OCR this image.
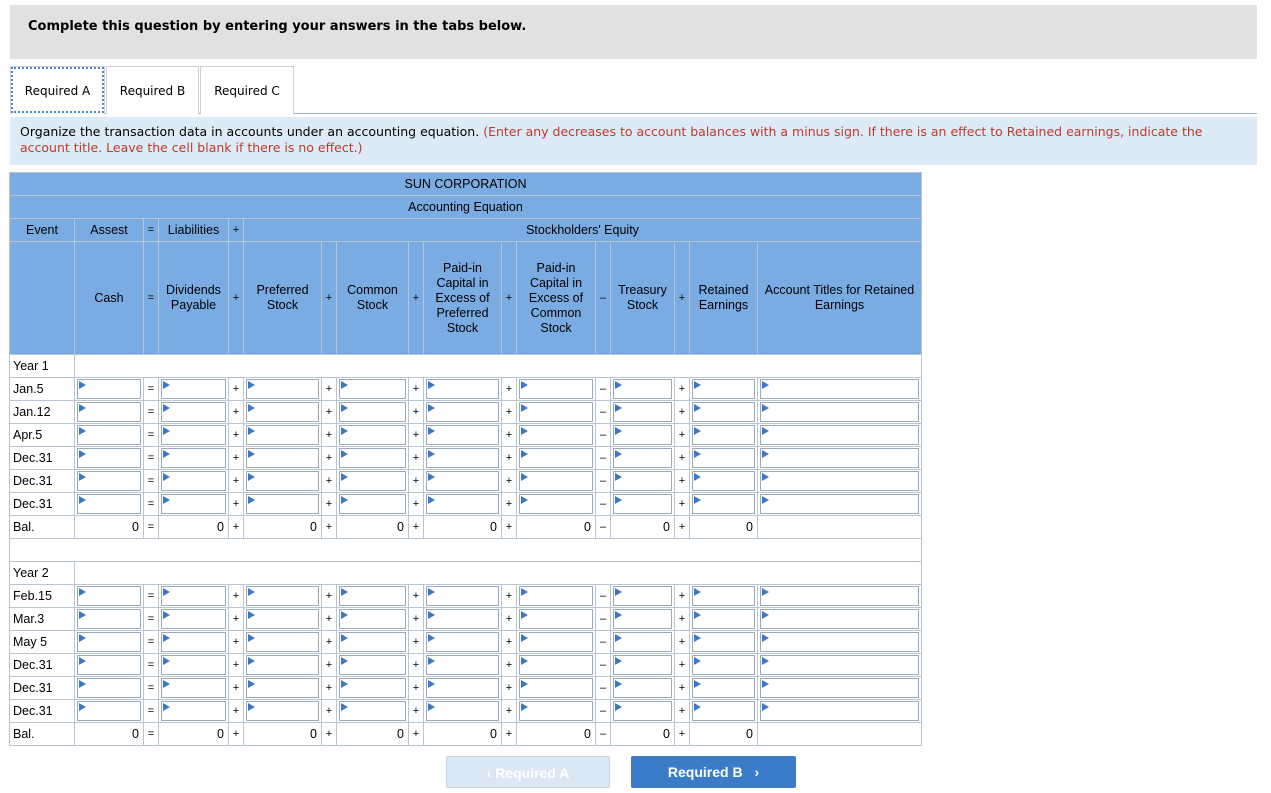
Complete this question by entering your answers in the tabs below.
Required A	Required B	Required C
Organize the transaction data in accounts under an accounting equation. (Enter any decreases to account balances with a minus sign. If there is an effect to Retained earnings, indicate the account title. Leave the cell blank if there is no effect.)
SUN CORPORATION																
Accounting Equation																
Event	Assest	=	Liabilities	+	Stockholders' Equity											
	Cash	=	Dividends Payable	+	Preferred Stock	+	Common Stock	+	Paid-in Capital in Excess of Preferred Stock	+	Paid-in Capital in Excess of Common Stock	–	Treasury Stock	+	Retained Earnings	Account Titles for Retained Earnings
Year 1																
Jan.5		=		+		+		+		+		–		+	

Jan.12		=		+		+		+		+		–		+	

Apr.5		=		+		+		+		+		–		+	

Dec.31		=		+		+		+		+		–		+	

Dec.31		=		+		+		+		+		–		+	

Dec.31		=		+		+		+		+		–		+	

Bal.	0	=	0	+	0	+	0	+	0	+	0	–	0	+	0	

Year 2																
Feb.15		=		+		+		+		+		–		+	

Mar.3		=		+		+		+		+		–		+	

May 5		=		+		+		+		+		–		+	

Dec.31		=		+		+		+		+		–		+	

Dec.31		=		+		+		+		+		–		+	

Dec.31		=		+		+		+		+		–		+	

Bal.	0	=	0	+	0	+	0	+	0	+	0	–	0	+	0	
‹ Required A	Required B ›
